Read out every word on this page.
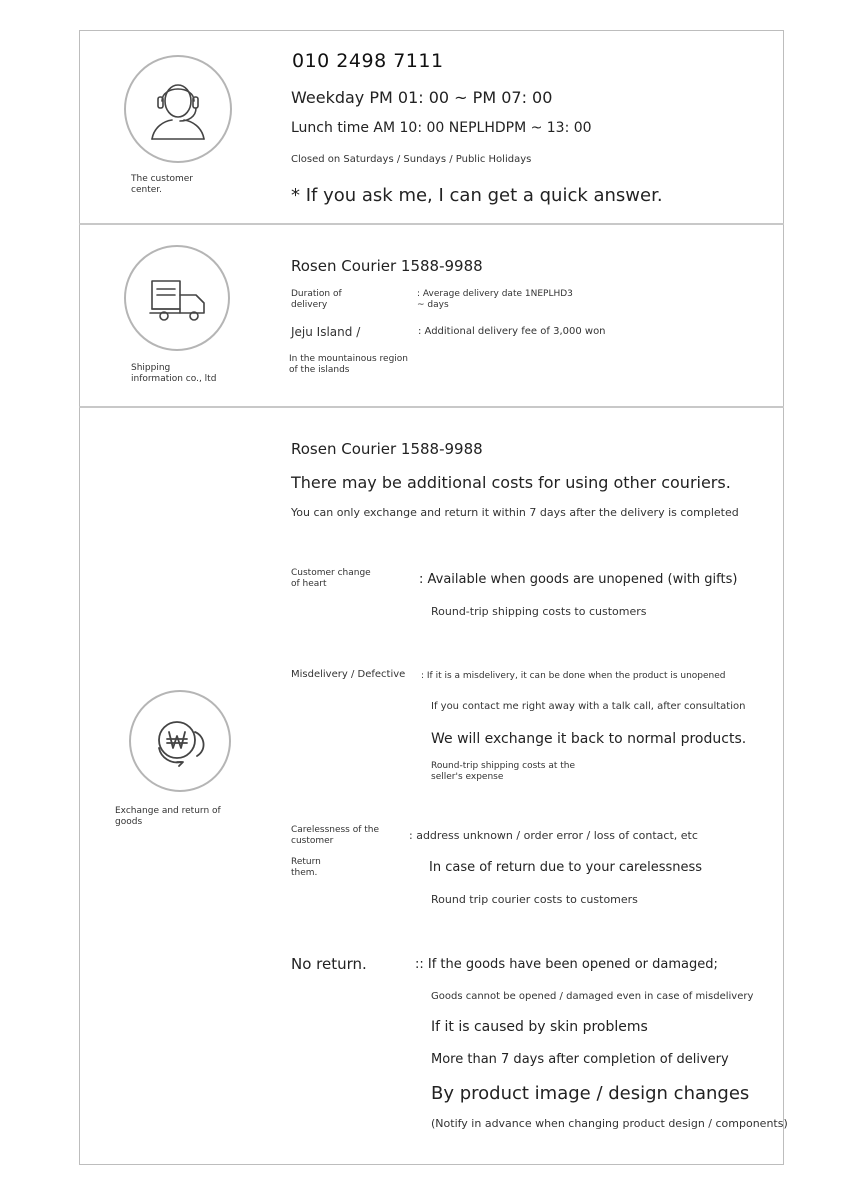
The customer center.
010 2498 7111
Weekday PM 01: 00 ~ PM 07: 00
Lunch time AM 10: 00 NEPLHDPM ~ 13: 00
Closed on Saturdays / Sundays / Public Holidays
* If you ask me, I can get a quick answer.
Shipping information co., ltd
Rosen Courier 1588-9988
Duration of delivery
: Average delivery date 1NEPLHD3 ~ days
Jeju Island /	: Additional delivery fee of 3,000 won
In the mountainous region of the islands
Exchange and return of goods
Rosen Courier 1588-9988
There may be additional costs for using other couriers.
You can only exchange and return it within 7 days after the delivery is completed
Customer change of heart	: Available when goods are unopened (with gifts)
Round-trip shipping costs to customers
Misdelivery / Defective : If it is a misdelivery, it can be done when the product is unopened
If you contact me right away with a talk call, after consultation
We will exchange it back to normal products.
Round-trip shipping costs at the seller's expense
Carelessness of the customer	: address unknown / order error / loss of contact, etc
Return them.	In case of return due to your carelessness
Round trip courier costs to customers
No return.	:: If the goods have been opened or damaged;
Goods cannot be opened / damaged even in case of misdelivery
If it is caused by skin problems
More than 7 days after completion of delivery
By product image / design changes
(Notify in advance when changing product design / components)
